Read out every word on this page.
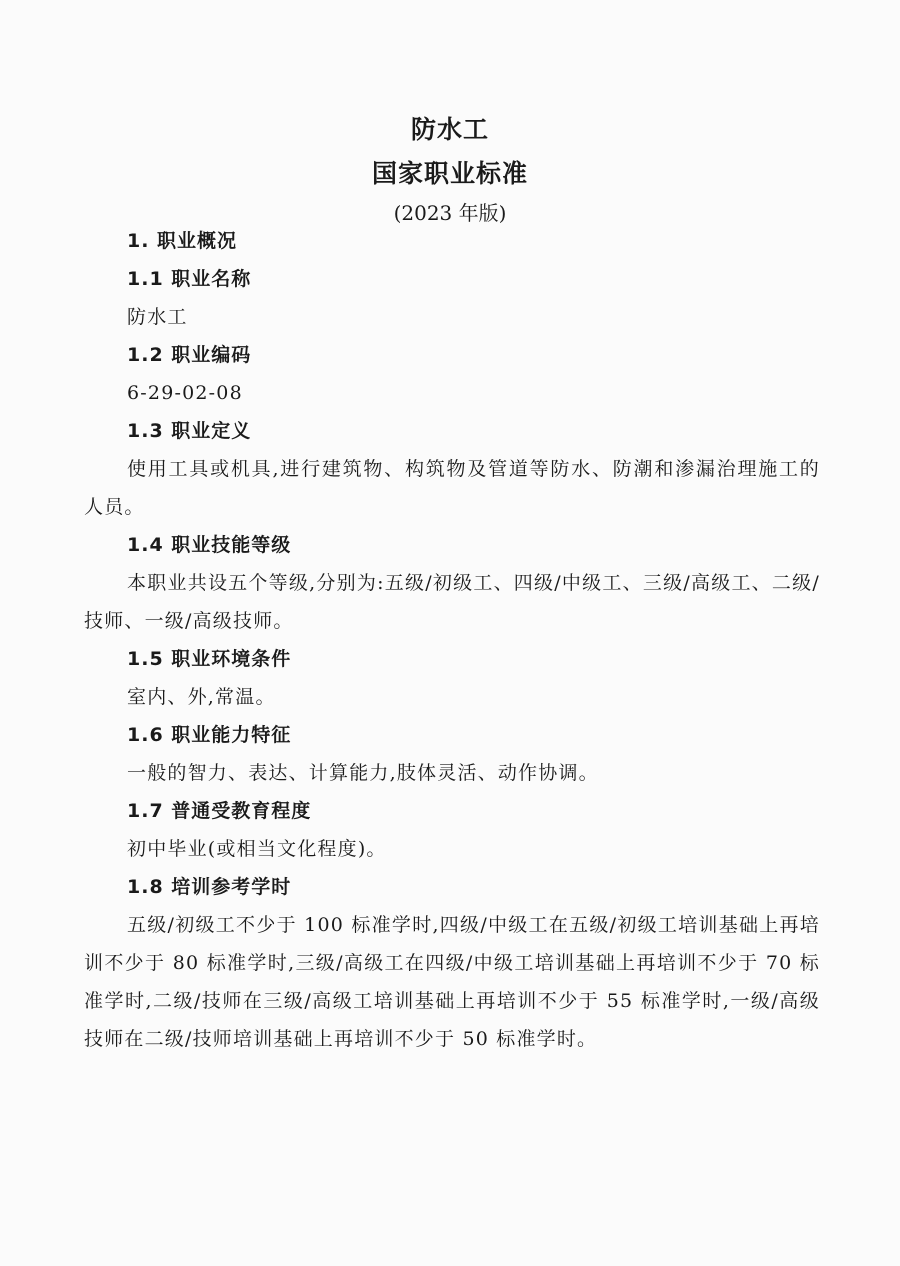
防水工
国家职业标准
(2023 年版)
1. 职业概况
1.1 职业名称
防水工
1.2 职业编码
6-29-02-08
1.3 职业定义
使用工具或机具,进行建筑物、构筑物及管道等防水、防潮和渗漏治理施工的人员。
1.4 职业技能等级
本职业共设五个等级,分别为:五级/初级工、四级/中级工、三级/高级工、二级/技师、一级/高级技师。
1.5 职业环境条件
室内、外,常温。
1.6 职业能力特征
一般的智力、表达、计算能力,肢体灵活、动作协调。
1.7 普通受教育程度
初中毕业(或相当文化程度)。
1.8 培训参考学时
五级/初级工不少于 100 标准学时,四级/中级工在五级/初级工培训基础上再培训不少于 80 标准学时,三级/高级工在四级/中级工培训基础上再培训不少于 70 标准学时,二级/技师在三级/高级工培训基础上再培训不少于 55 标准学时,一级/高级技师在二级/技师培训基础上再培训不少于 50 标准学时。
